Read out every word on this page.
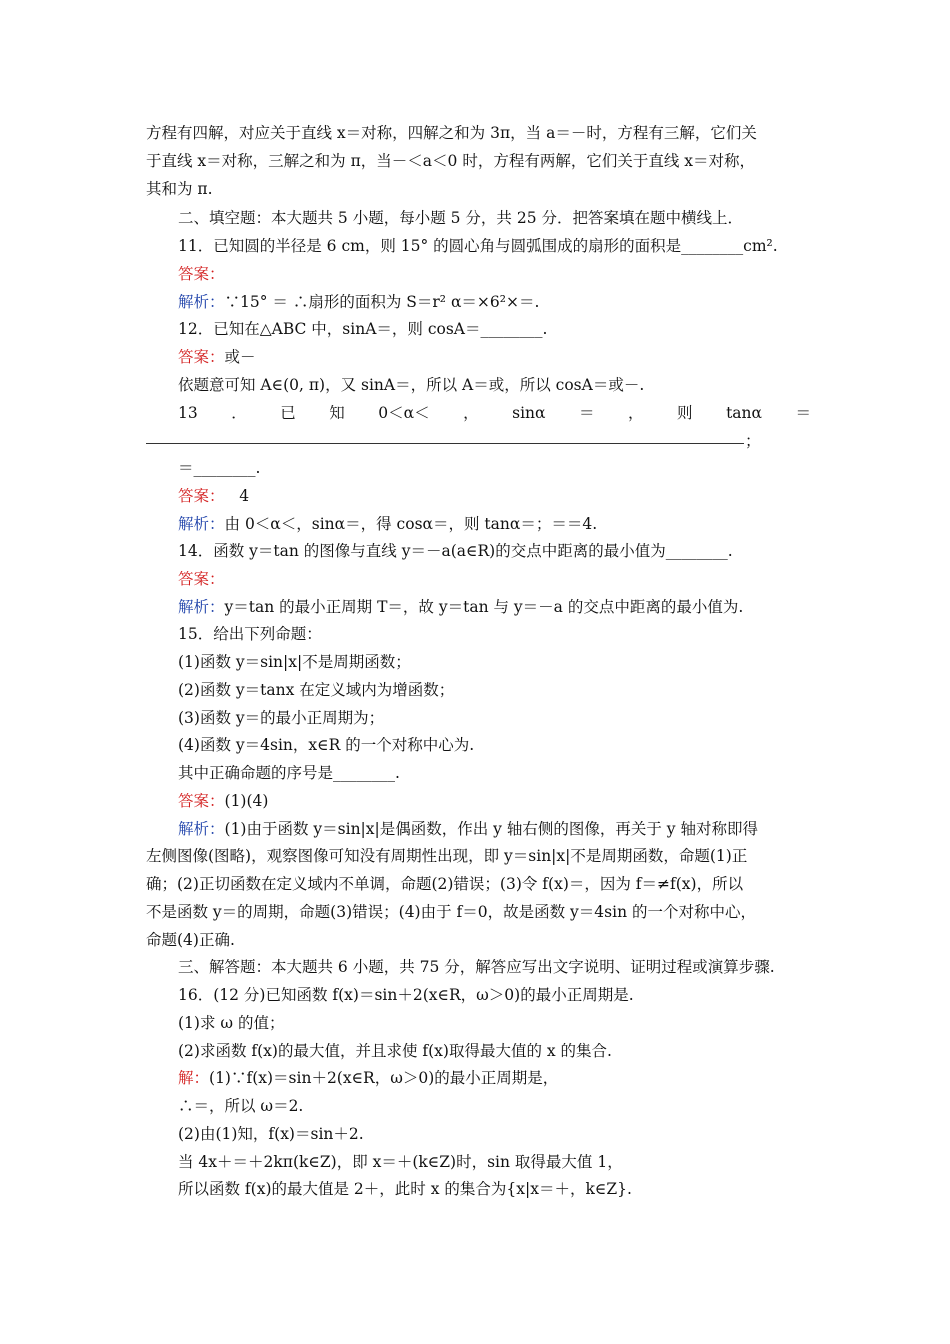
方程有四解，对应关于直线 x＝对称，四解之和为 3π，当 a＝－时，方程有三解，它们关
于直线 x＝对称，三解之和为 π，当－＜a＜0 时，方程有两解，它们关于直线 x＝对称，
其和为 π.
二、填空题：本大题共 5 小题，每小题 5 分，共 25 分．把答案填在题中横线上．
11．已知圆的半径是 6 cm，则 15° 的圆心角与圆弧围成的扇形的面积是________cm².
答案：
解析：∵15° ＝ ∴扇形的面积为 S＝r² α＝×6²×＝.
12．已知在△ABC 中，sinA＝，则 cosA＝________.
答案：或－
依题意可知 A∈(0, π)，又 sinA＝，所以 A＝或，所以 cosA＝或－.
13 ． 已 知 0＜α＜ ， sinα ＝ ， 则 tanα ＝
；
＝________.
答案： 4
解析：由 0＜α＜，sinα＝，得 cosα＝，则 tanα＝；＝＝4.
14．函数 y＝tan 的图像与直线 y＝－a(a∈R)的交点中距离的最小值为________.
答案：
解析：y＝tan 的最小正周期 T＝，故 y＝tan 与 y＝－a 的交点中距离的最小值为.
15．给出下列命题：
(1)函数 y＝sin|x|不是周期函数；
(2)函数 y＝tanx 在定义域内为增函数；
(3)函数 y＝的最小正周期为；
(4)函数 y＝4sin，x∈R 的一个对称中心为.
其中正确命题的序号是________.
答案：(1)(4)
解析：(1)由于函数 y＝sin|x|是偶函数，作出 y 轴右侧的图像，再关于 y 轴对称即得
左侧图像(图略)，观察图像可知没有周期性出现，即 y＝sin|x|不是周期函数，命题(1)正
确；(2)正切函数在定义域内不单调，命题(2)错误；(3)令 f(x)＝，因为 f＝≠f(x)，所以
不是函数 y＝的周期，命题(3)错误；(4)由于 f＝0，故是函数 y＝4sin 的一个对称中心，
命题(4)正确.
三、解答题：本大题共 6 小题，共 75 分，解答应写出文字说明、证明过程或演算步骤.
16．(12 分)已知函数 f(x)＝sin＋2(x∈R，ω＞0)的最小正周期是.
(1)求 ω 的值；
(2)求函数 f(x)的最大值，并且求使 f(x)取得最大值的 x 的集合.
解：(1)∵f(x)＝sin＋2(x∈R，ω＞0)的最小正周期是，
∴＝，所以 ω＝2.
(2)由(1)知，f(x)＝sin＋2.
当 4x＋＝＋2kπ(k∈Z)，即 x＝＋(k∈Z)时，sin 取得最大值 1，
所以函数 f(x)的最大值是 2＋，此时 x 的集合为{x|x＝＋，k∈Z}.
